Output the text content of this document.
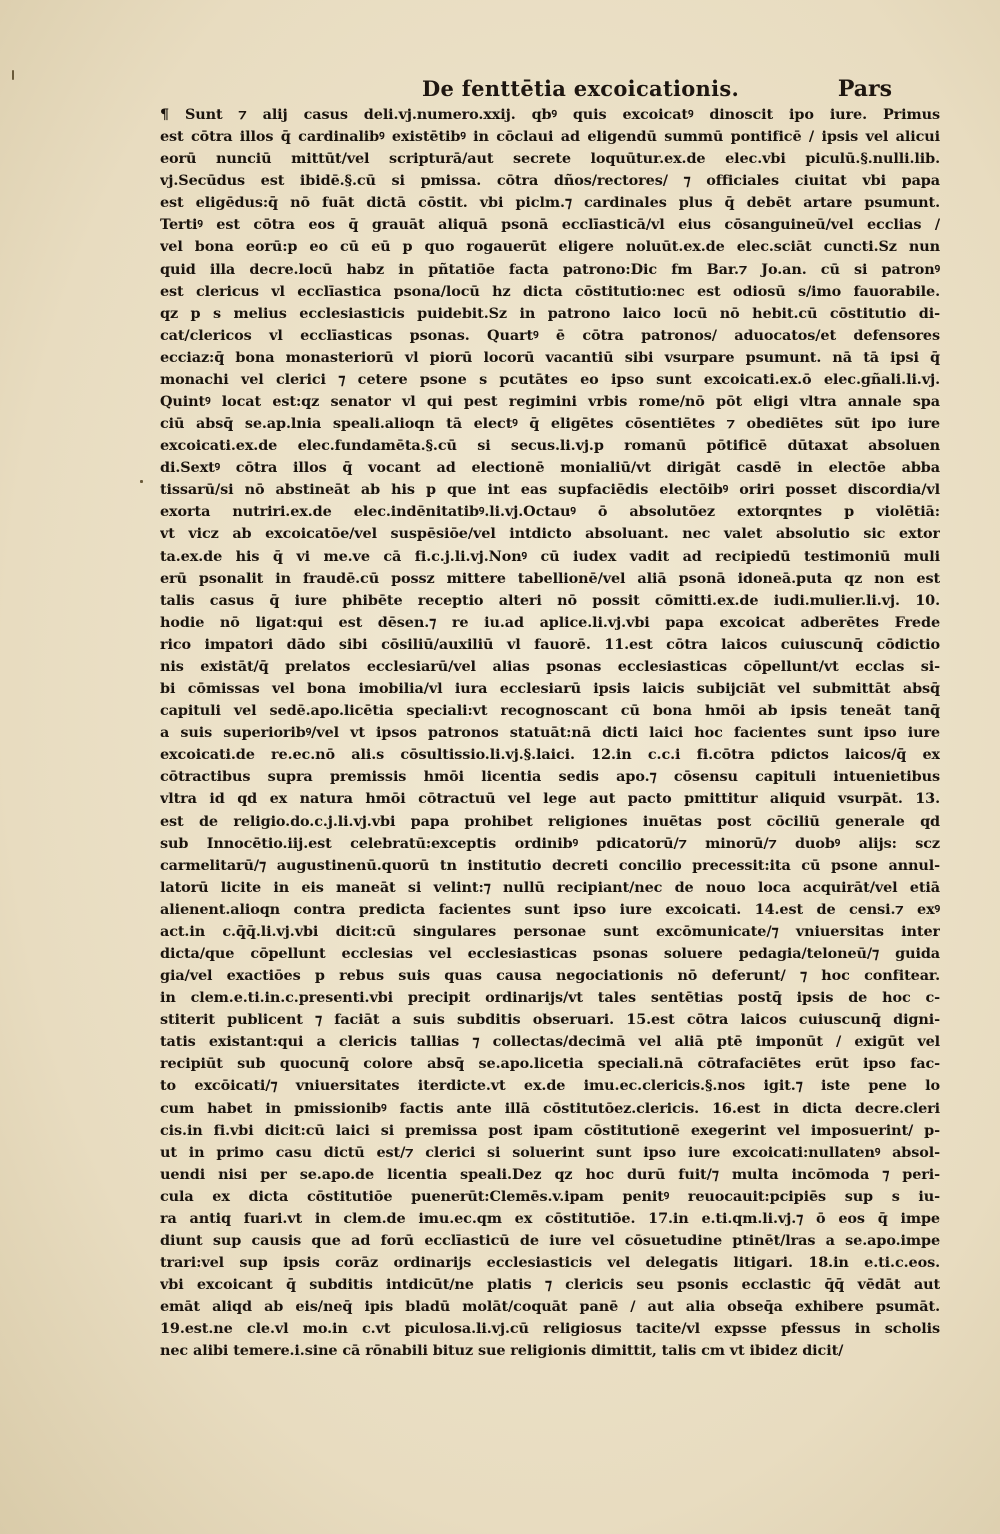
De fenttētia excoicationis.	Pars
¶ Sunt ⁊ alij casus deli.vj.numero.xxij. qbꝰ quis excoicatꝰ dinoscit ipo iure. Primus
est cōtra illos q̄ cardinalibꝰ existētibꝰ in cōclaui ad eligendū summū pontificē / ipsis vel alicui
eorū nunciū mittūt/vel scripturā/aut secrete loquūtur.ex.de elec.vbi piculū.§.nulli.lib.
vj.Secūdus est ibidē.§.cū si pmissa. cōtra dños/rectores/ ⁊ officiales ciuitat vbi papa
est eligēdus:q̄ nō fuāt dictā cōstit. vbi piclm.⁊ cardinales plus q̄ debēt artare psumunt.
Tertiꝰ est cōtra eos q̄ grauāt aliquā psonā ecclīasticā/vl eius cōsanguineū/vel ecclias /
vel bona eorū:p eo cū eū p quo rogauerūt eligere noluūt.ex.de elec.sciāt cuncti.Sz nun
quid illa decre.locū habz in pñtatiōe facta patrono:Dic fm Bar.⁊ Jo.an. cū si patronꝰ
est clericus vl ecclīastica psona/locū hz dicta cōstitutio:nec est odiosū s/imo fauorabile.
qz p s melius ecclesiasticis puidebit.Sz in patrono laico locū nō hebit.cū cōstitutio di-
cat/clericos vl ecclīasticas psonas. Quartꝰ ē cōtra patronos/ aduocatos/et defensores
ecciaz:q̄ bona monasteriorū vl piorū locorū vacantiū sibi vsurpare psumunt. nā tā ipsi q̄
monachi vel clerici ⁊ cetere psone s pcutātes eo ipso sunt excoicati.ex.ō elec.gñali.li.vj.
Quintꝰ locat est:qz senator vl qui pest regimini vrbis rome/nō pōt eligi vltra annale spa
ciū absq̄ se.ap.lnia speali.alioqn tā electꝰ q̄ eligētes cōsentiētes ⁊ obediētes sūt ipo iure
excoicati.ex.de elec.fundamēta.§.cū si secus.li.vj.p romanū pōtificē dūtaxat absoluen
di.Sextꝰ cōtra illos q̄ vocant ad electionē monialiū/vt dirigāt casdē in electōe abba
tissarū/si nō abstineāt ab his p que int eas supfaciēdis electōibꝰ oriri posset discordia/vl
exorta nutriri.ex.de elec.indēnitatibꝰ.li.vj.Octauꝰ ō absolutōez extorqntes p violētiā:
vt vicz ab excoicatōe/vel suspēsiōe/vel intdicto absoluant. nec valet absolutio sic extor
ta.ex.de his q̄ vi me.ve cā fi.c.j.li.vj.Nonꝰ cū iudex vadit ad recipiedū testimoniū muli
erū psonalit in fraudē.cū possz mittere tabellionē/vel aliā psonā idoneā.puta qz non est
talis casus q̄ iure phibēte receptio alteri nō possit cōmitti.ex.de iudi.mulier.li.vj. 10.
hodie nō ligat:qui est dēsen.⁊ re iu.ad aplice.li.vj.vbi papa excoicat adberētes Frede
rico impatori dādo sibi cōsiliū/auxiliū vl fauorē. 11.est cōtra laicos cuiuscunq̄ cōdictio
nis existāt/q̄ prelatos ecclesiarū/vel alias psonas ecclesiasticas cōpellunt/vt ecclas si-
bi cōmissas vel bona imobilia/vl iura ecclesiarū ipsis laicis subijciāt vel submittāt absq̄
capituli vel sedē.apo.licētia speciali:vt recognoscant cū bona hmōi ab ipsis teneāt tanq̄
a suis superioribꝰ/vel vt ipsos patronos statuāt:nā dicti laici hoc facientes sunt ipso iure
excoicati.de re.ec.nō ali.s cōsultissio.li.vj.§.laici. 12.in c.c.i fi.cōtra pdictos laicos/q̄ ex
cōtractibus supra premissis hmōi licentia sedis apo.⁊ cōsensu capituli intuenietibus
vltra id qd ex natura hmōi cōtractuū vel lege aut pacto pmittitur aliquid vsurpāt. 13.
est de religio.do.c.j.li.vj.vbi papa prohibet religiones inuētas post cōciliū generale qd
sub Innocētio.iij.est celebratū:exceptis ordinibꝰ pdicatorū/⁊ minorū/⁊ duobꝰ alijs: scz
carmelitarū/⁊ augustinenū.quorū tn institutio decreti concilio precessit:ita cū psone annul-
latorū licite in eis maneāt si velint:⁊ nullū recipiant/nec de nouo loca acquirāt/vel etiā
alienent.alioqn contra predicta facientes sunt ipso iure excoicati. 14.est de censi.⁊ exꝰ
act.in c.q̄q̄.li.vj.vbi dicit:cū singulares personae sunt excōmunicate/⁊ vniuersitas inter
dicta/que cōpellunt ecclesias vel ecclesiasticas psonas soluere pedagia/teloneū/⁊ guida
gia/vel exactiōes p rebus suis quas causa negociationis nō deferunt/ ⁊ hoc confitear.
in clem.e.ti.in.c.presenti.vbi precipit ordinarijs/vt tales sentētias postq̄ ipsis de hoc c-
stiterit publicent ⁊ faciāt a suis subditis obseruari. 15.est cōtra laicos cuiuscunq̄ digni-
tatis existant:qui a clericis tallias ⁊ collectas/decimā vel aliā ptē imponūt / exigūt vel
recipiūt sub quocunq̄ colore absq̄ se.apo.licetia speciali.nā cōtrafaciētes erūt ipso fac-
to excōicati/⁊ vniuersitates iterdicte.vt ex.de imu.ec.clericis.§.nos igit.⁊ iste pene lo
cum habet in pmissionibꝰ factis ante illā cōstitutōez.clericis. 16.est in dicta decre.cleri
cis.in fi.vbi dicit:cū laici si premissa post ipam cōstitutionē exegerint vel imposuerint/ p-
ut in primo casu dictū est/⁊ clerici si soluerint sunt ipso iure excoicati:nullatenꝰ absol-
uendi nisi per se.apo.de licentia speali.Dez qz hoc durū fuit/⁊ multa incōmoda ⁊ peri-
cula ex dicta cōstitutiōe puenerūt:Clemēs.v.ipam penitꝰ reuocauit:pcipiēs sup s iu-
ra antiq fuari.vt in clem.de imu.ec.qm ex cōstitutiōe. 17.in e.ti.qm.li.vj.⁊ ō eos q̄ impe
diunt sup causis que ad forū ecclīasticū de iure vel cōsuetudine ptinēt/lras a se.apo.impe
trari:vel sup ipsis corāz ordinarijs ecclesiasticis vel delegatis litigari. 18.in e.ti.c.eos.
vbi excoicant q̄ subditis intdicūt/ne platis ⁊ clericis seu psonis ecclastic q̄q̄ vēdāt aut
emāt aliqd ab eis/neq̄ ipis bladū molāt/coquāt panē / aut alia obseq̄a exhibere psumāt.
19.est.ne cle.vl mo.in c.vt piculosa.li.vj.cū religiosus tacite/vl expsse pfessus in scholis
nec alibi temere.i.sine cā rōnabili bituz sue religionis dimittit, talis cm vt ibidez dicit/
